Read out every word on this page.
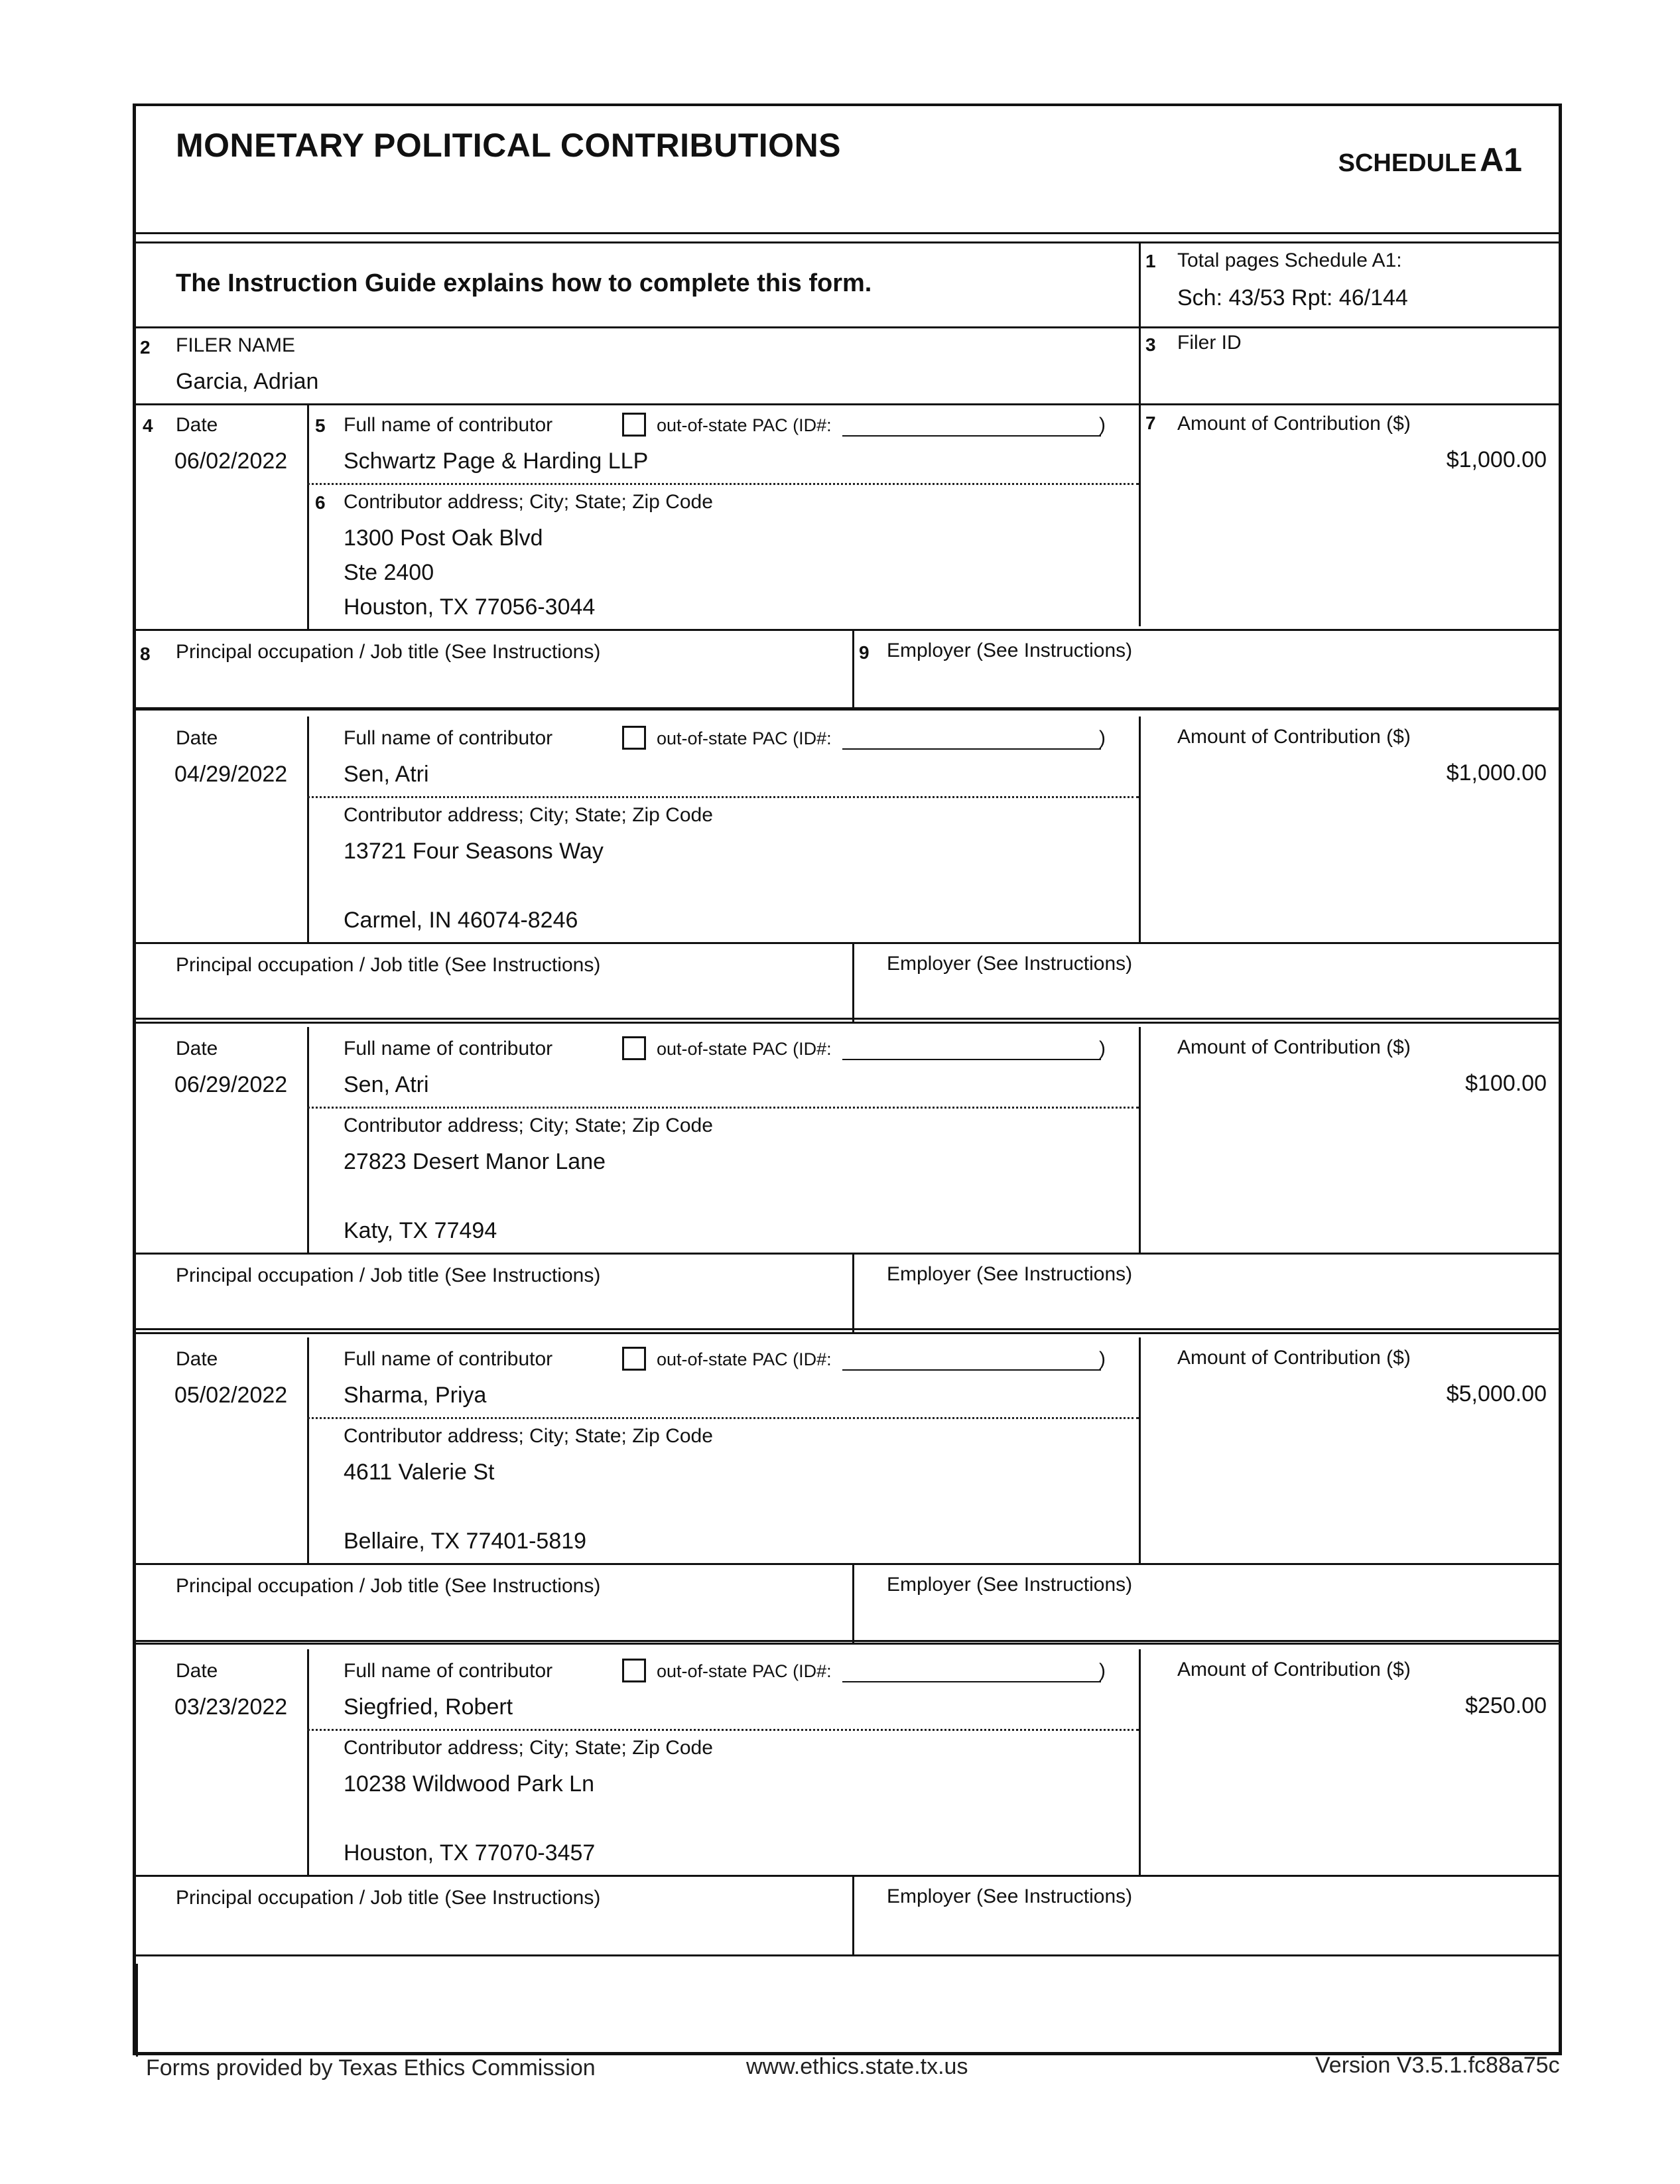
MONETARY POLITICAL CONTRIBUTIONS	SCHEDULE A1
The Instruction Guide explains how to complete this form.
1 Total pages Schedule A1:
Sch: 43/53 Rpt: 46/144
2 FILER NAME
Garcia, Adrian
3 Filer ID
4	5
6
7
8	9
Date
06/02/2022
Full name of contributor	out-of-state PAC (ID#:	)
Schwartz Page & Harding LLP
Contributor address; City; State; Zip Code
1300 Post Oak Blvd
Ste 2400
Houston, TX 77056-3044
Amount of Contribution ($)
$1,000.00
Principal occupation / Job title (See Instructions)	Employer (See Instructions)
Date
04/29/2022
Full name of contributor	out-of-state PAC (ID#:	)
Sen, Atri
Contributor address; City; State; Zip Code
13721 Four Seasons Way
Carmel, IN 46074-8246
Amount of Contribution ($)
$1,000.00
Principal occupation / Job title (See Instructions)	Employer (See Instructions)
Date
06/29/2022
Full name of contributor	out-of-state PAC (ID#:	)
Sen, Atri
Contributor address; City; State; Zip Code
27823 Desert Manor Lane
Katy, TX 77494
Amount of Contribution ($)
$100.00
Principal occupation / Job title (See Instructions)	Employer (See Instructions)
Date
05/02/2022
Full name of contributor	out-of-state PAC (ID#:	)
Sharma, Priya
Contributor address; City; State; Zip Code
4611 Valerie St
Bellaire, TX 77401-5819
Amount of Contribution ($)
$5,000.00
Principal occupation / Job title (See Instructions)	Employer (See Instructions)
Date
03/23/2022
Full name of contributor	out-of-state PAC (ID#:	)
Siegfried, Robert
Contributor address; City; State; Zip Code
10238 Wildwood Park Ln
Houston, TX 77070-3457
Amount of Contribution ($)
$250.00
Principal occupation / Job title (See Instructions)	Employer (See Instructions)
Forms provided by Texas Ethics Commission	www.ethics.state.tx.us	Version V3.5.1.fc88a75c
